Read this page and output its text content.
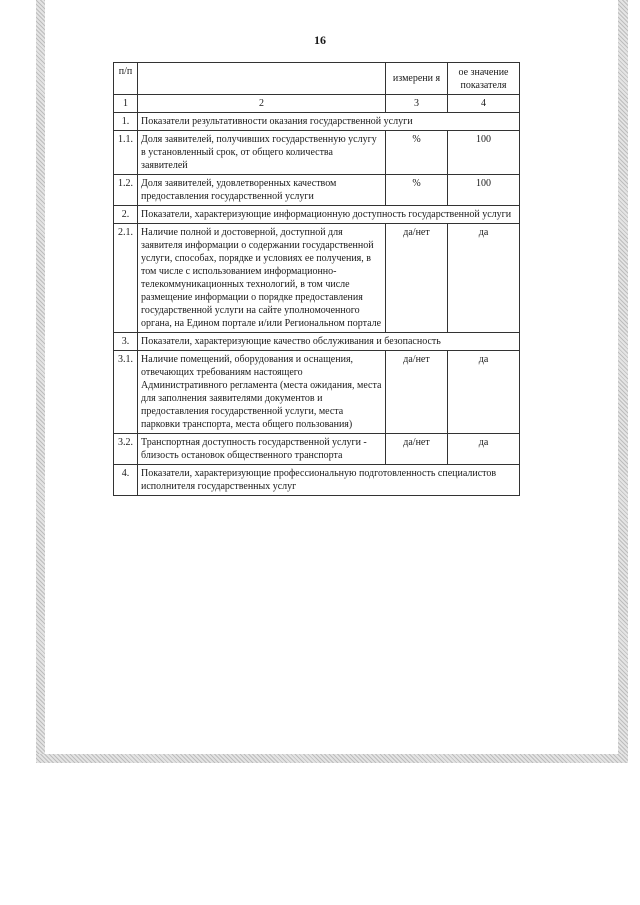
16
п/п		измерени я	ое значение показателя
1	2	3	4
1.	Показатели результативности оказания государственной услуги		
1.1.	Доля заявителей, получивших государственную услугу в установленный срок, от общего количества заявителей	%	100
1.2.	Доля заявителей, удовлетворенных качеством предоставления государственной услуги	%	100
2.	Показатели, характеризующие информационную доступность государственной услуги		
2.1.	Наличие полной и достоверной, доступной для заявителя информации о содержании государственной услуги, способах, порядке и условиях ее получения, в том числе с использованием информационно-телекоммуникационных технологий, в том числе размещение информации о порядке предоставления государственной услуги на сайте уполномоченного органа, на Едином портале и/или Региональном портале	да/нет	да
3.	Показатели, характеризующие качество обслуживания и безопасность		
3.1.	Наличие помещений, оборудования и оснащения, отвечающих требованиям настоящего Административного регламента (места ожидания, места для заполнения заявителями документов и предоставления государственной услуги, места парковки транспорта, места общего пользования)	да/нет	да
3.2.	Транспортная доступность государственной услуги - близость остановок общественного транспорта	да/нет	да
4.	Показатели, характеризующие профессиональную подготовленность специалистов исполнителя государственных услуг		
